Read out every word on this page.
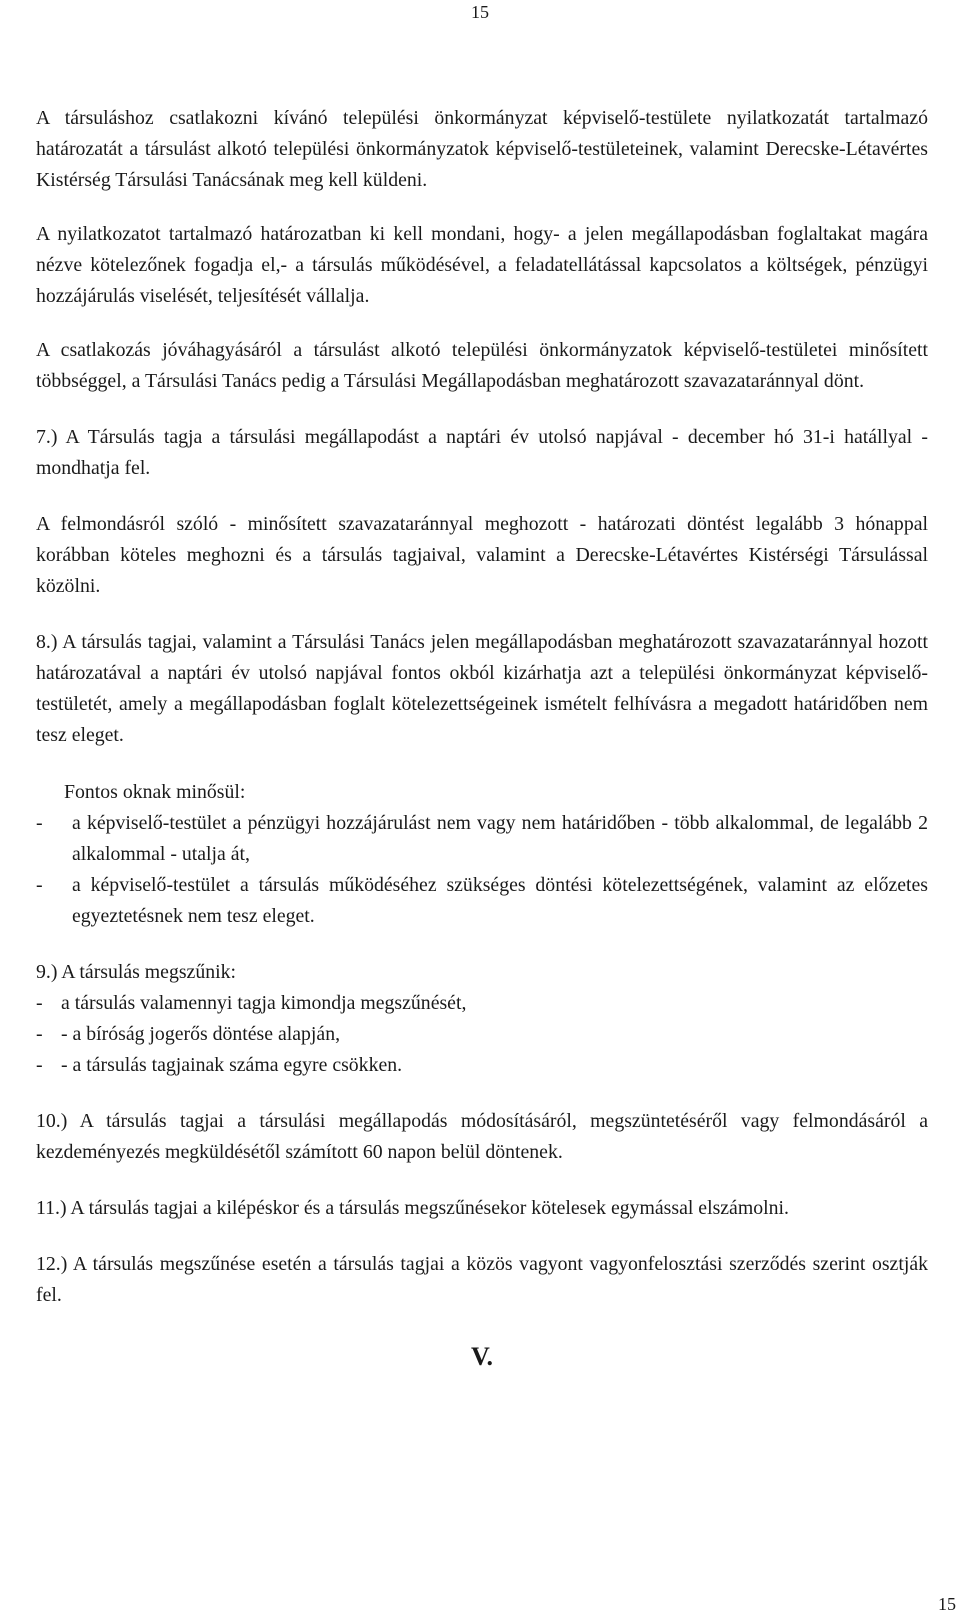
15

A társuláshoz csatlakozni kívánó települési önkormányzat képviselő-testülete nyilatkozatát tartalmazó határozatát a társulást alkotó települési önkormányzatok képviselő-testületeinek, valamint Derecske-Létavértes Kistérség Társulási Tanácsának meg kell küldeni.

A nyilatkozatot tartalmazó határozatban ki kell mondani, hogy- a jelen megállapodásban foglaltakat magára nézve kötelezőnek fogadja el,- a társulás működésével, a feladatellátással kapcsolatos a költségek, pénzügyi hozzájárulás viselését, teljesítését vállalja.

A csatlakozás jóváhagyásáról a társulást alkotó települési önkormányzatok képviselő-testületei minősített többséggel, a Társulási Tanács pedig a Társulási Megállapodásban meghatározott szavazataránnyal dönt.

7.) A Társulás tagja a társulási megállapodást a naptári év utolsó napjával - december hó 31-i hatállyal - mondhatja fel.

A felmondásról szóló - minősített szavazataránnyal meghozott - határozati döntést legalább 3 hónappal korábban köteles meghozni és a társulás tagjaival, valamint a Derecske-Létavértes Kistérségi Társulással közölni.

8.) A társulás tagjai, valamint a Társulási Tanács jelen megállapodásban meghatározott szavazataránnyal hozott határozatával a naptári év utolsó napjával fontos okból kizárhatja azt a települési önkormányzat képviselő-testületét, amely a megállapodásban foglalt kötelezettségeinek ismételt felhívásra a megadott határidőben nem tesz eleget.

Fontos oknak minősül:

- a képviselő-testület a pénzügyi hozzájárulást nem vagy nem határidőben - több alkalommal, de legalább 2 alkalommal - utalja át,
- a képviselő-testület a társulás működéséhez szükséges döntési kötelezettségének, valamint az előzetes egyeztetésnek nem tesz eleget.

9.) A társulás megszűnik:

- a társulás valamennyi tagja kimondja megszűnését,
- - a bíróság jogerős döntése alapján,
- - a társulás tagjainak száma egyre csökken.

10.) A társulás tagjai a társulási megállapodás módosításáról, megszüntetéséről vagy felmondásáról a kezdeményezés megküldésétől számított 60 napon belül döntenek.

11.) A társulás tagjai a kilépéskor és a társulás megszűnésekor kötelesek egymással elszámolni.

12.) A társulás megszűnése esetén a társulás tagjai a közös vagyont vagyonfelosztási szerződés szerint osztják fel.

V.

15
